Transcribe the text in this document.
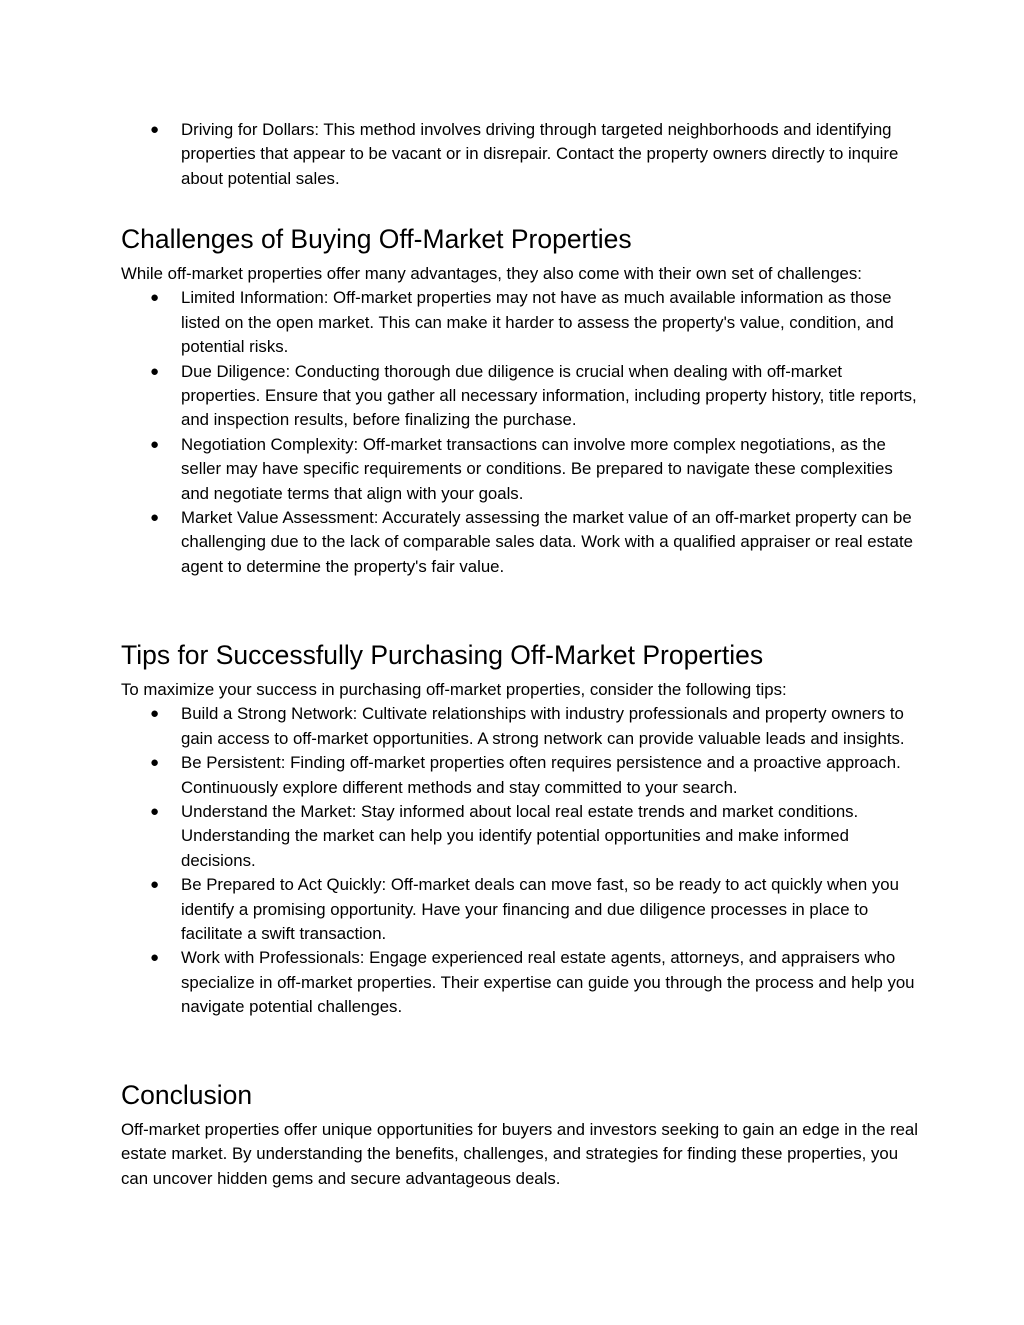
● Driving for Dollars: This method involves driving through targeted neighborhoods and identifying properties that appear to be vacant or in disrepair. Contact the property owners directly to inquire about potential sales.
Challenges of Buying Off-Market Properties

While off-market properties offer many advantages, they also come with their own set of challenges:

● Limited Information: Off-market properties may not have as much available information as those listed on the open market. This can make it harder to assess the property's value, condition, and potential risks.
● Due Diligence: Conducting thorough due diligence is crucial when dealing with off-market properties. Ensure that you gather all necessary information, including property history, title reports, and inspection results, before finalizing the purchase.
● Negotiation Complexity: Off-market transactions can involve more complex negotiations, as the seller may have specific requirements or conditions. Be prepared to navigate these complexities and negotiate terms that align with your goals.
● Market Value Assessment: Accurately assessing the market value of an off-market property can be challenging due to the lack of comparable sales data. Work with a qualified appraiser or real estate agent to determine the property's fair value.
Tips for Successfully Purchasing Off-Market Properties

To maximize your success in purchasing off-market properties, consider the following tips:

● Build a Strong Network: Cultivate relationships with industry professionals and property owners to gain access to off-market opportunities. A strong network can provide valuable leads and insights.
● Be Persistent: Finding off-market properties often requires persistence and a proactive approach. Continuously explore different methods and stay committed to your search.
● Understand the Market: Stay informed about local real estate trends and market conditions. Understanding the market can help you identify potential opportunities and make informed decisions.
● Be Prepared to Act Quickly: Off-market deals can move fast, so be ready to act quickly when you identify a promising opportunity. Have your financing and due diligence processes in place to facilitate a swift transaction.
● Work with Professionals: Engage experienced real estate agents, attorneys, and appraisers who specialize in off-market properties. Their expertise can guide you through the process and help you navigate potential challenges.
Conclusion

Off-market properties offer unique opportunities for buyers and investors seeking to gain an edge in the real estate market. By understanding the benefits, challenges, and strategies for finding these properties, you can uncover hidden gems and secure advantageous deals.
